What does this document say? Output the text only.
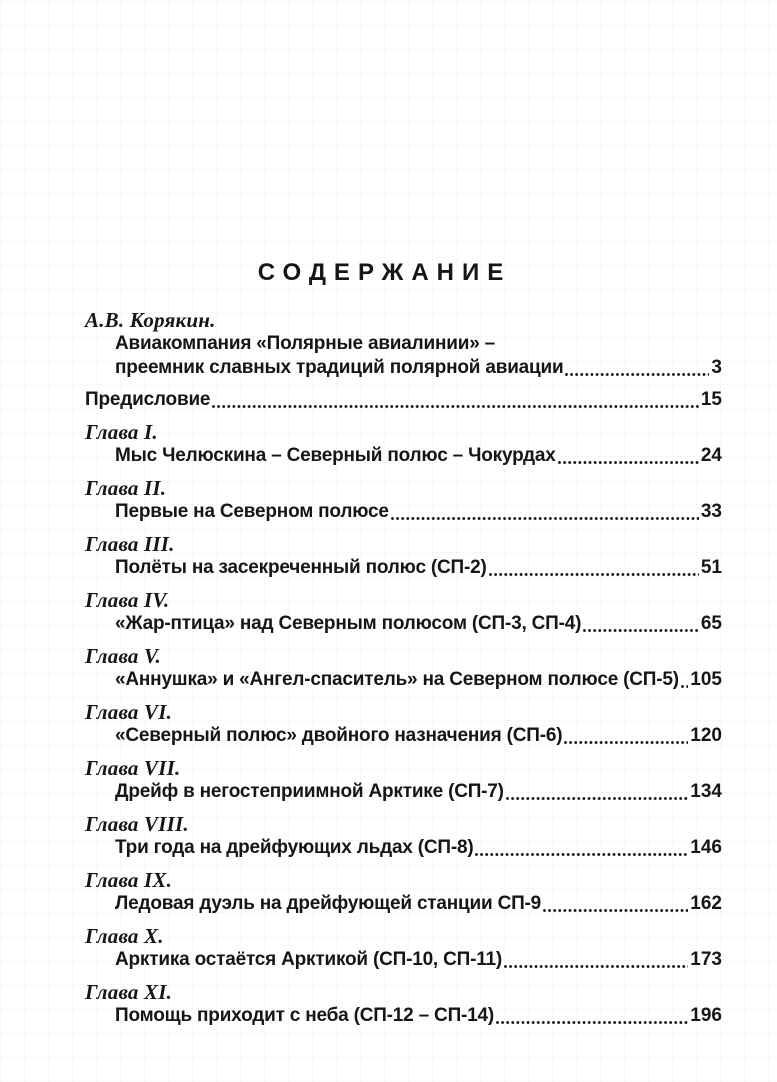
СОДЕРЖАНИЕ
А.В. Корякин.
Авиакомпания «Полярные авиалинии» –
преемник славных традиций полярной авиации	3
Предисловие	15
Глава I.
Мыс Челюскина – Северный полюс – Чокурдах	24
Глава II.
Первые на Северном полюсе	33
Глава III.
Полёты на засекреченный полюс (СП-2)	51
Глава IV.
«Жар-птица» над Северным полюсом (СП-3, СП-4)	65
Глава V.
«Аннушка» и «Ангел-спаситель» на Северном полюсе (СП-5) 105
Глава VI.
«Северный полюс» двойного назначения (СП-6)	120
Глава VII.
Дрейф в негостеприимной Арктике (СП-7)	134
Глава VIII.
Три года на дрейфующих льдах (СП-8)	146
Глава IX.
Ледовая дуэль на дрейфующей станции СП-9	162
Глава X.
Арктика остаётся Арктикой (СП-10, СП-11)	173
Глава XI.
Помощь приходит с неба (СП-12 – СП-14)	196
